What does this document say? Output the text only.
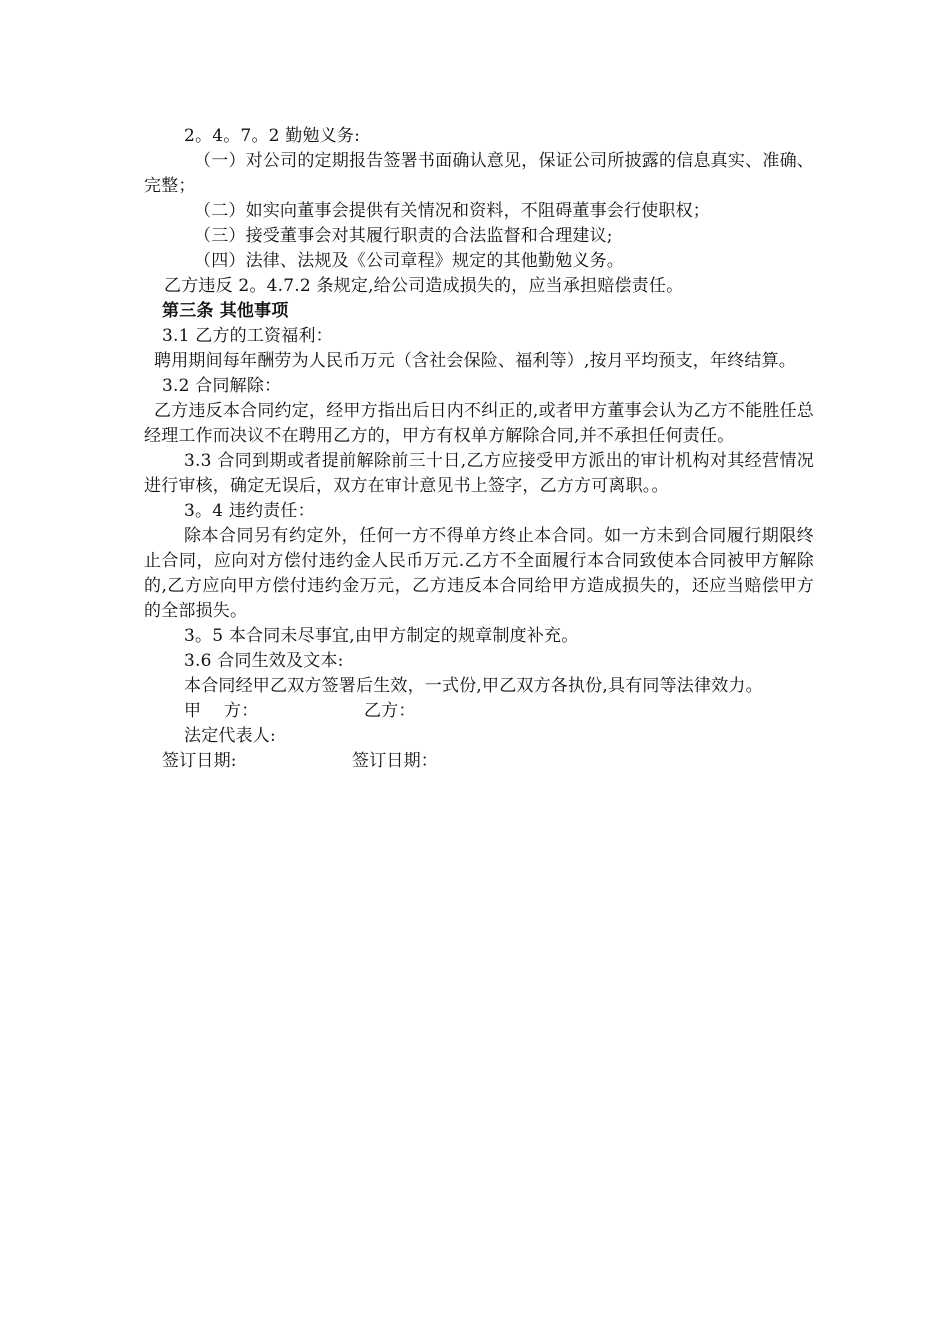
2。4。7。2 勤勉义务:
（一）对公司的定期报告签署书面确认意见，保证公司所披露的信息真实、准确、完整；
（二）如实向董事会提供有关情况和资料，不阻碍董事会行使职权；
（三）接受董事会对其履行职责的合法监督和合理建议;
（四）法律、法规及《公司章程》规定的其他勤勉义务。
乙方违反 2。4.7.2 条规定,给公司造成损失的，应当承担赔偿责任。
第三条 其他事项
3.1 乙方的工资福利：
聘用期间每年酬劳为人民币万元（含社会保险、福利等）,按月平均预支，年终结算。
3.2 合同解除：
乙方违反本合同约定，经甲方指出后日内不纠正的,或者甲方董事会认为乙方不能胜任总经理工作而决议不在聘用乙方的，甲方有权单方解除合同,并不承担任何责任。
3.3 合同到期或者提前解除前三十日,乙方应接受甲方派出的审计机构对其经营情况进行审核，确定无误后，双方在审计意见书上签字，乙方方可离职。。
3。4 违约责任：
除本合同另有约定外，任何一方不得单方终止本合同。如一方未到合同履行期限终止合同，应向对方偿付违约金人民币万元.乙方不全面履行本合同致使本合同被甲方解除的,乙方应向甲方偿付违约金万元，乙方违反本合同给甲方造成损失的，还应当赔偿甲方的全部损失。
3。5 本合同未尽事宜,由甲方制定的规章制度补充。
3.6 合同生效及文本:
本合同经甲乙双方签署后生效，一式份,甲乙双方各执份,具有同等法律效力。
甲　 方：	乙方：
法定代表人:
签订日期:	签订日期：
